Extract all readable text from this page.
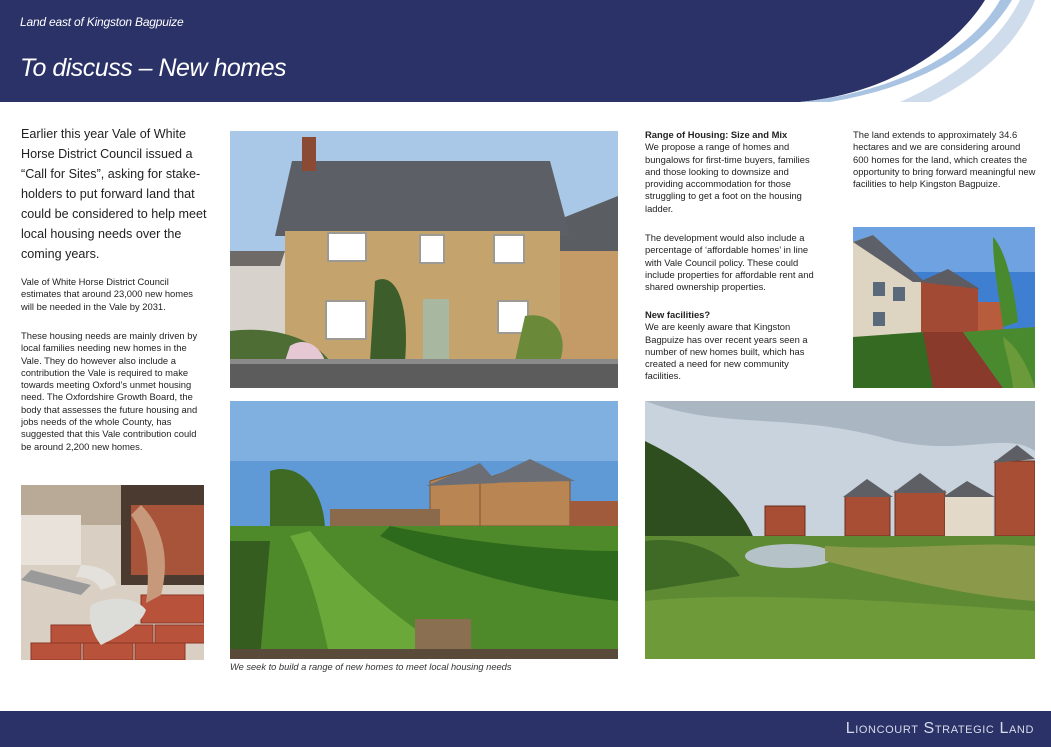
Land east of Kingston Bagpuize
To discuss – New homes
Earlier this year Vale of White Horse District Council issued a “Call for Sites”, asking for stake-holders to put forward land that could be considered to help meet local housing needs over the coming years.
Vale of White Horse District Council estimates that around 23,000 new homes will be needed in the Vale by 2031.
These housing needs are mainly driven by local families needing new homes in the Vale. They do however also include a contribution the Vale is required to make towards meeting Oxford’s unmet housing need. The Oxfordshire Growth Board, the body that assesses the future housing and jobs needs of the whole County, has suggested that this Vale contribution could be around 2,200 new homes.
We seek to build a range of new homes to meet local housing needs
Range of Housing: Size and Mix
We propose a range of homes and bungalows for first-time buyers, families and those looking to downsize and providing accommodation for those struggling to get a foot on the housing ladder.
The development would also include a percentage of ‘affordable homes’ in line with Vale Council policy. These could include properties for affordable rent and shared ownership properties.
New facilities?
We are keenly aware that Kingston Bagpuize has over recent years seen a number of new homes built, which has created a need for new community facilities.
The land extends to approximately 34.6 hectares and we are considering around 600 homes for the land, which creates the opportunity to bring forward meaningful new facilities to help Kingston Bagpuize.
Lioncourt Strategic Land
